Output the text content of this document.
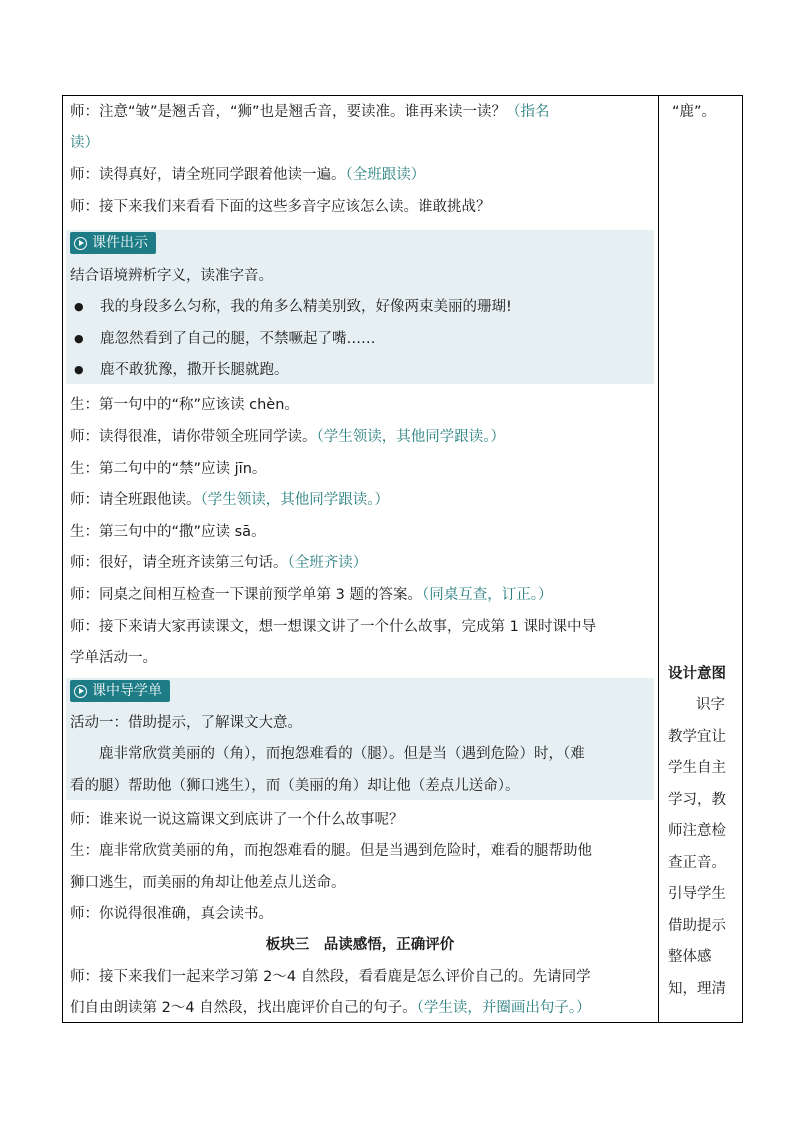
师：注意“皱”是翘舌音，“狮”也是翘舌音，要读准。谁再来读一读？（指名
读）
师：读得真好，请全班同学跟着他读一遍。（全班跟读）
师：接下来我们来看看下面的这些多音字应该怎么读。谁敢挑战？
课件出示
结合语境辨析字义，读准字音。
● 我的身段多么匀称，我的角多么精美别致，好像两束美丽的珊瑚!
● 鹿忽然看到了自己的腿，不禁噘起了嘴……
● 鹿不敢犹豫，撒开长腿就跑。
生：第一句中的“称”应该读 chèn。
师：读得很准，请你带领全班同学读。（学生领读，其他同学跟读。）
生：第二句中的“禁”应读 jīn。
师：请全班跟他读。（学生领读，其他同学跟读。）
生：第三句中的“撒”应读 sā。
师：很好，请全班齐读第三句话。（全班齐读）
师：同桌之间相互检查一下课前预学单第 3 题的答案。（同桌互查，订正。）
师：接下来请大家再读课文，想一想课文讲了一个什么故事，完成第 1 课时课中导
学单活动一。
课中导学单
活动一：借助提示，了解课文大意。
鹿非常欣赏美丽的（角），而抱怨难看的（腿）。但是当（遇到危险）时，（难
看的腿）帮助他（狮口逃生），而（美丽的角）却让他（差点儿送命）。
师：谁来说一说这篇课文到底讲了一个什么故事呢？
生：鹿非常欣赏美丽的角，而抱怨难看的腿。但是当遇到危险时，难看的腿帮助他
狮口逃生，而美丽的角却让他差点儿送命。
师：你说得很准确，真会读书。
板块三　品读感悟，正确评价
师：接下来我们一起来学习第 2～4 自然段，看看鹿是怎么评价自己的。先请同学
们自由朗读第 2～4 自然段，找出鹿评价自己的句子。（学生读，并圈画出句子。）
“鹿”。
设计意图
识字
教学宜让
学生自主
学习，教
师注意检
查正音。
引导学生
借助提示
整体感
知，理清
